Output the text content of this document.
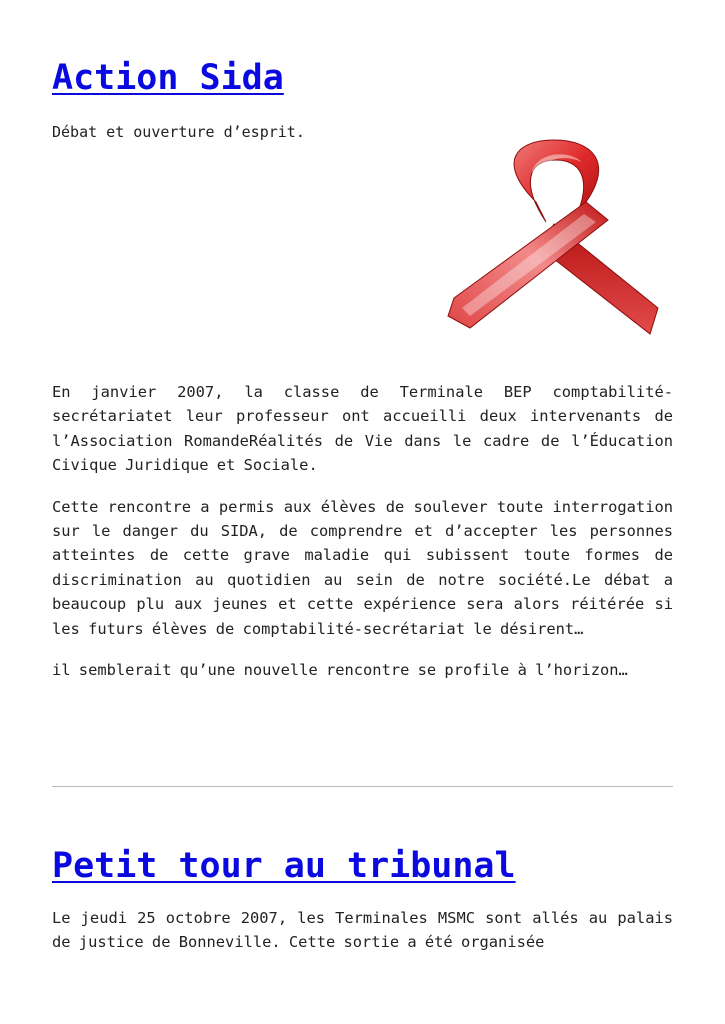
Action Sida

Débat et ouverture d’esprit.

En janvier 2007, la classe de Terminale BEP comptabilité-secrétariatet leur professeur ont accueilli deux intervenants de l’Association RomandeRéalités de Vie dans le cadre de l’Éducation Civique Juridique et Sociale.

Cette rencontre a permis aux élèves de soulever toute interrogation sur le danger du SIDA, de comprendre et d’accepter les personnes atteintes de cette grave maladie qui subissent toute formes de discrimination au quotidien au sein de notre société.Le débat a beaucoup plu aux jeunes et cette expérience sera alors réitérée si les futurs élèves de comptabilité-secrétariat le désirent…

il semblerait qu’une nouvelle rencontre se profile à l’horizon…

Petit tour au tribunal

Le jeudi 25 octobre 2007, les Terminales MSMC sont allés au palais de justice de Bonneville. Cette sortie a été organisée
